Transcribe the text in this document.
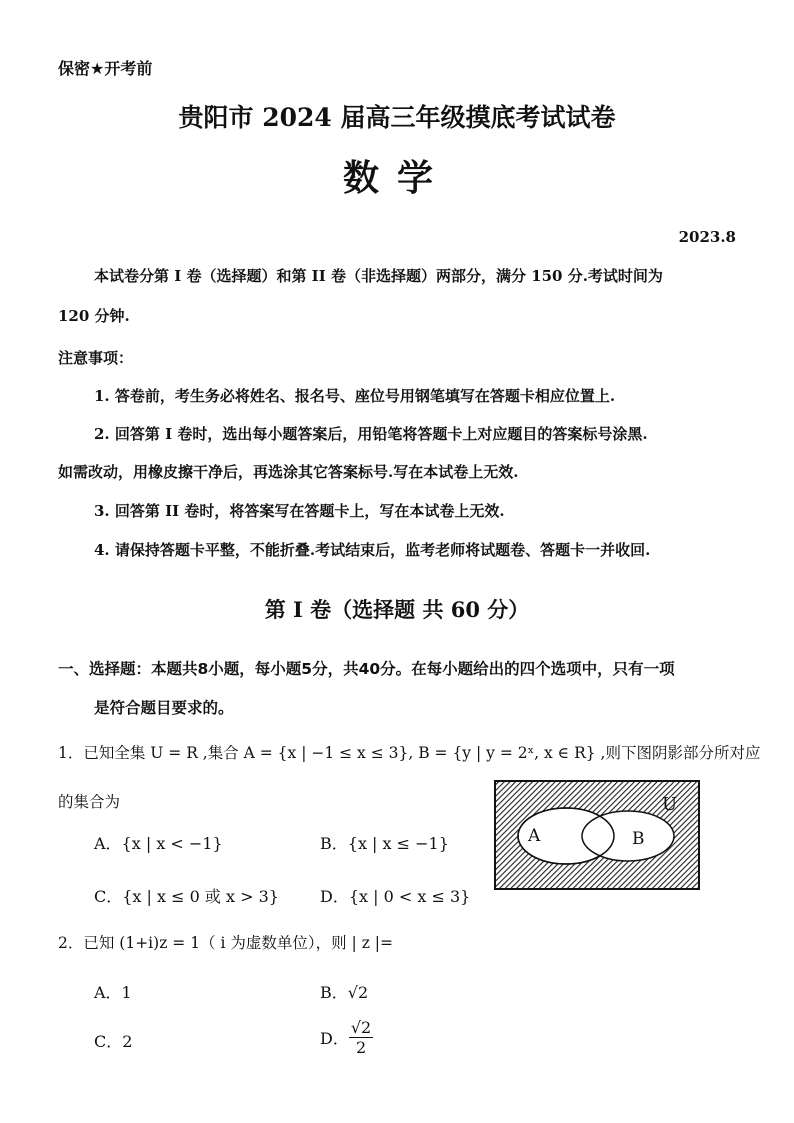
保密★开考前
贵阳市 2024 届高三年级摸底考试试卷
数学
2023.8
本试卷分第 I 卷（选择题）和第 II 卷（非选择题）两部分，满分 150 分.考试时间为
120 分钟.
注意事项：
1. 答卷前，考生务必将姓名、报名号、座位号用钢笔填写在答题卡相应位置上.
2. 回答第 I 卷时，选出每小题答案后，用铅笔将答题卡上对应题目的答案标号涂黑.
如需改动，用橡皮擦干净后，再选涂其它答案标号.写在本试卷上无效.
3. 回答第 II 卷时，将答案写在答题卡上，写在本试卷上无效.
4. 请保持答题卡平整，不能折叠.考试结束后，监考老师将试题卷、答题卡一并收回.
第 I 卷（选择题 共 60 分）
一、选择题：本题共8小题，每小题5分，共40分。在每小题给出的四个选项中，只有一项
是符合题目要求的。
1．已知全集 U = R ,集合 A = {x | −1 ≤ x ≤ 3}, B = {y | y = 2ˣ, x ∈ R} ,则下图阴影部分所对应
的集合为
A．{x | x < −1}	B．{x | x ≤ −1}
C．{x | x ≤ 0 或 x > 3}	D．{x | 0 < x ≤ 3}
U
A	B
2．已知 (1+i)z = 1（ i 为虚数单位），则 | z |=
A．1	B．√2
C．2	D． $\frac{√2}{2}$
